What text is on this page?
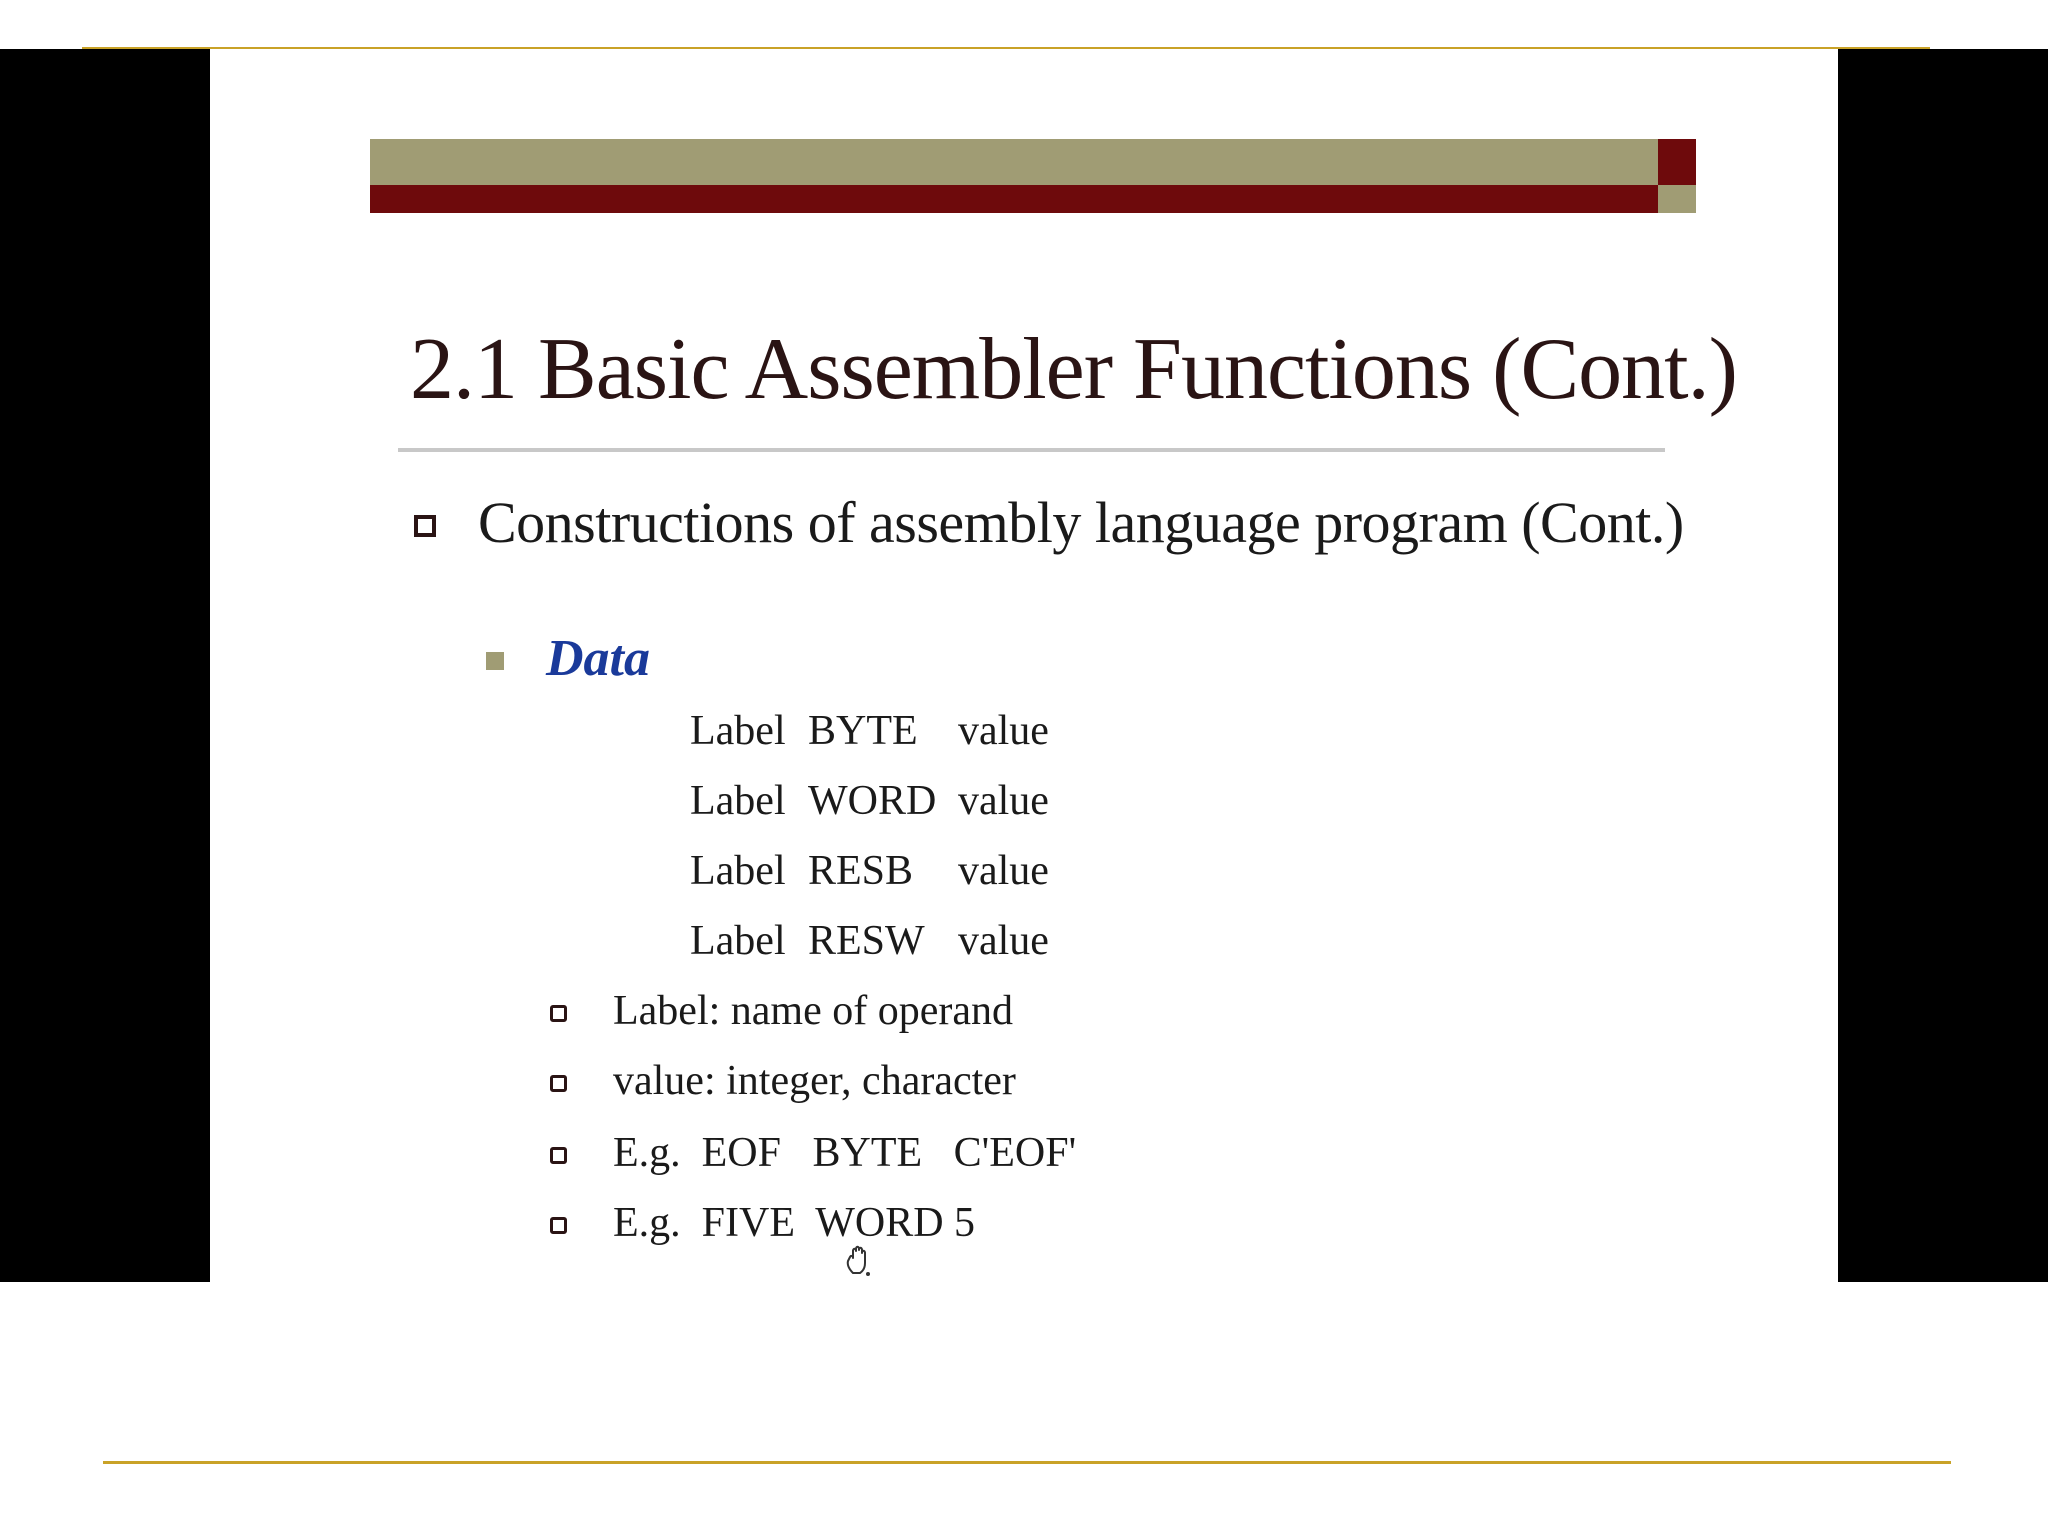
2.1 Basic Assembler Functions (Cont.)
Constructions of assembly language program (Cont.)
Data
Label BYTE value
Label WORD value
Label RESB value
Label RESW value
Label: name of operand
value: integer, character
E.g.  EOF   BYTE   C'EOF'
E.g.  FIVE  WORD 5
